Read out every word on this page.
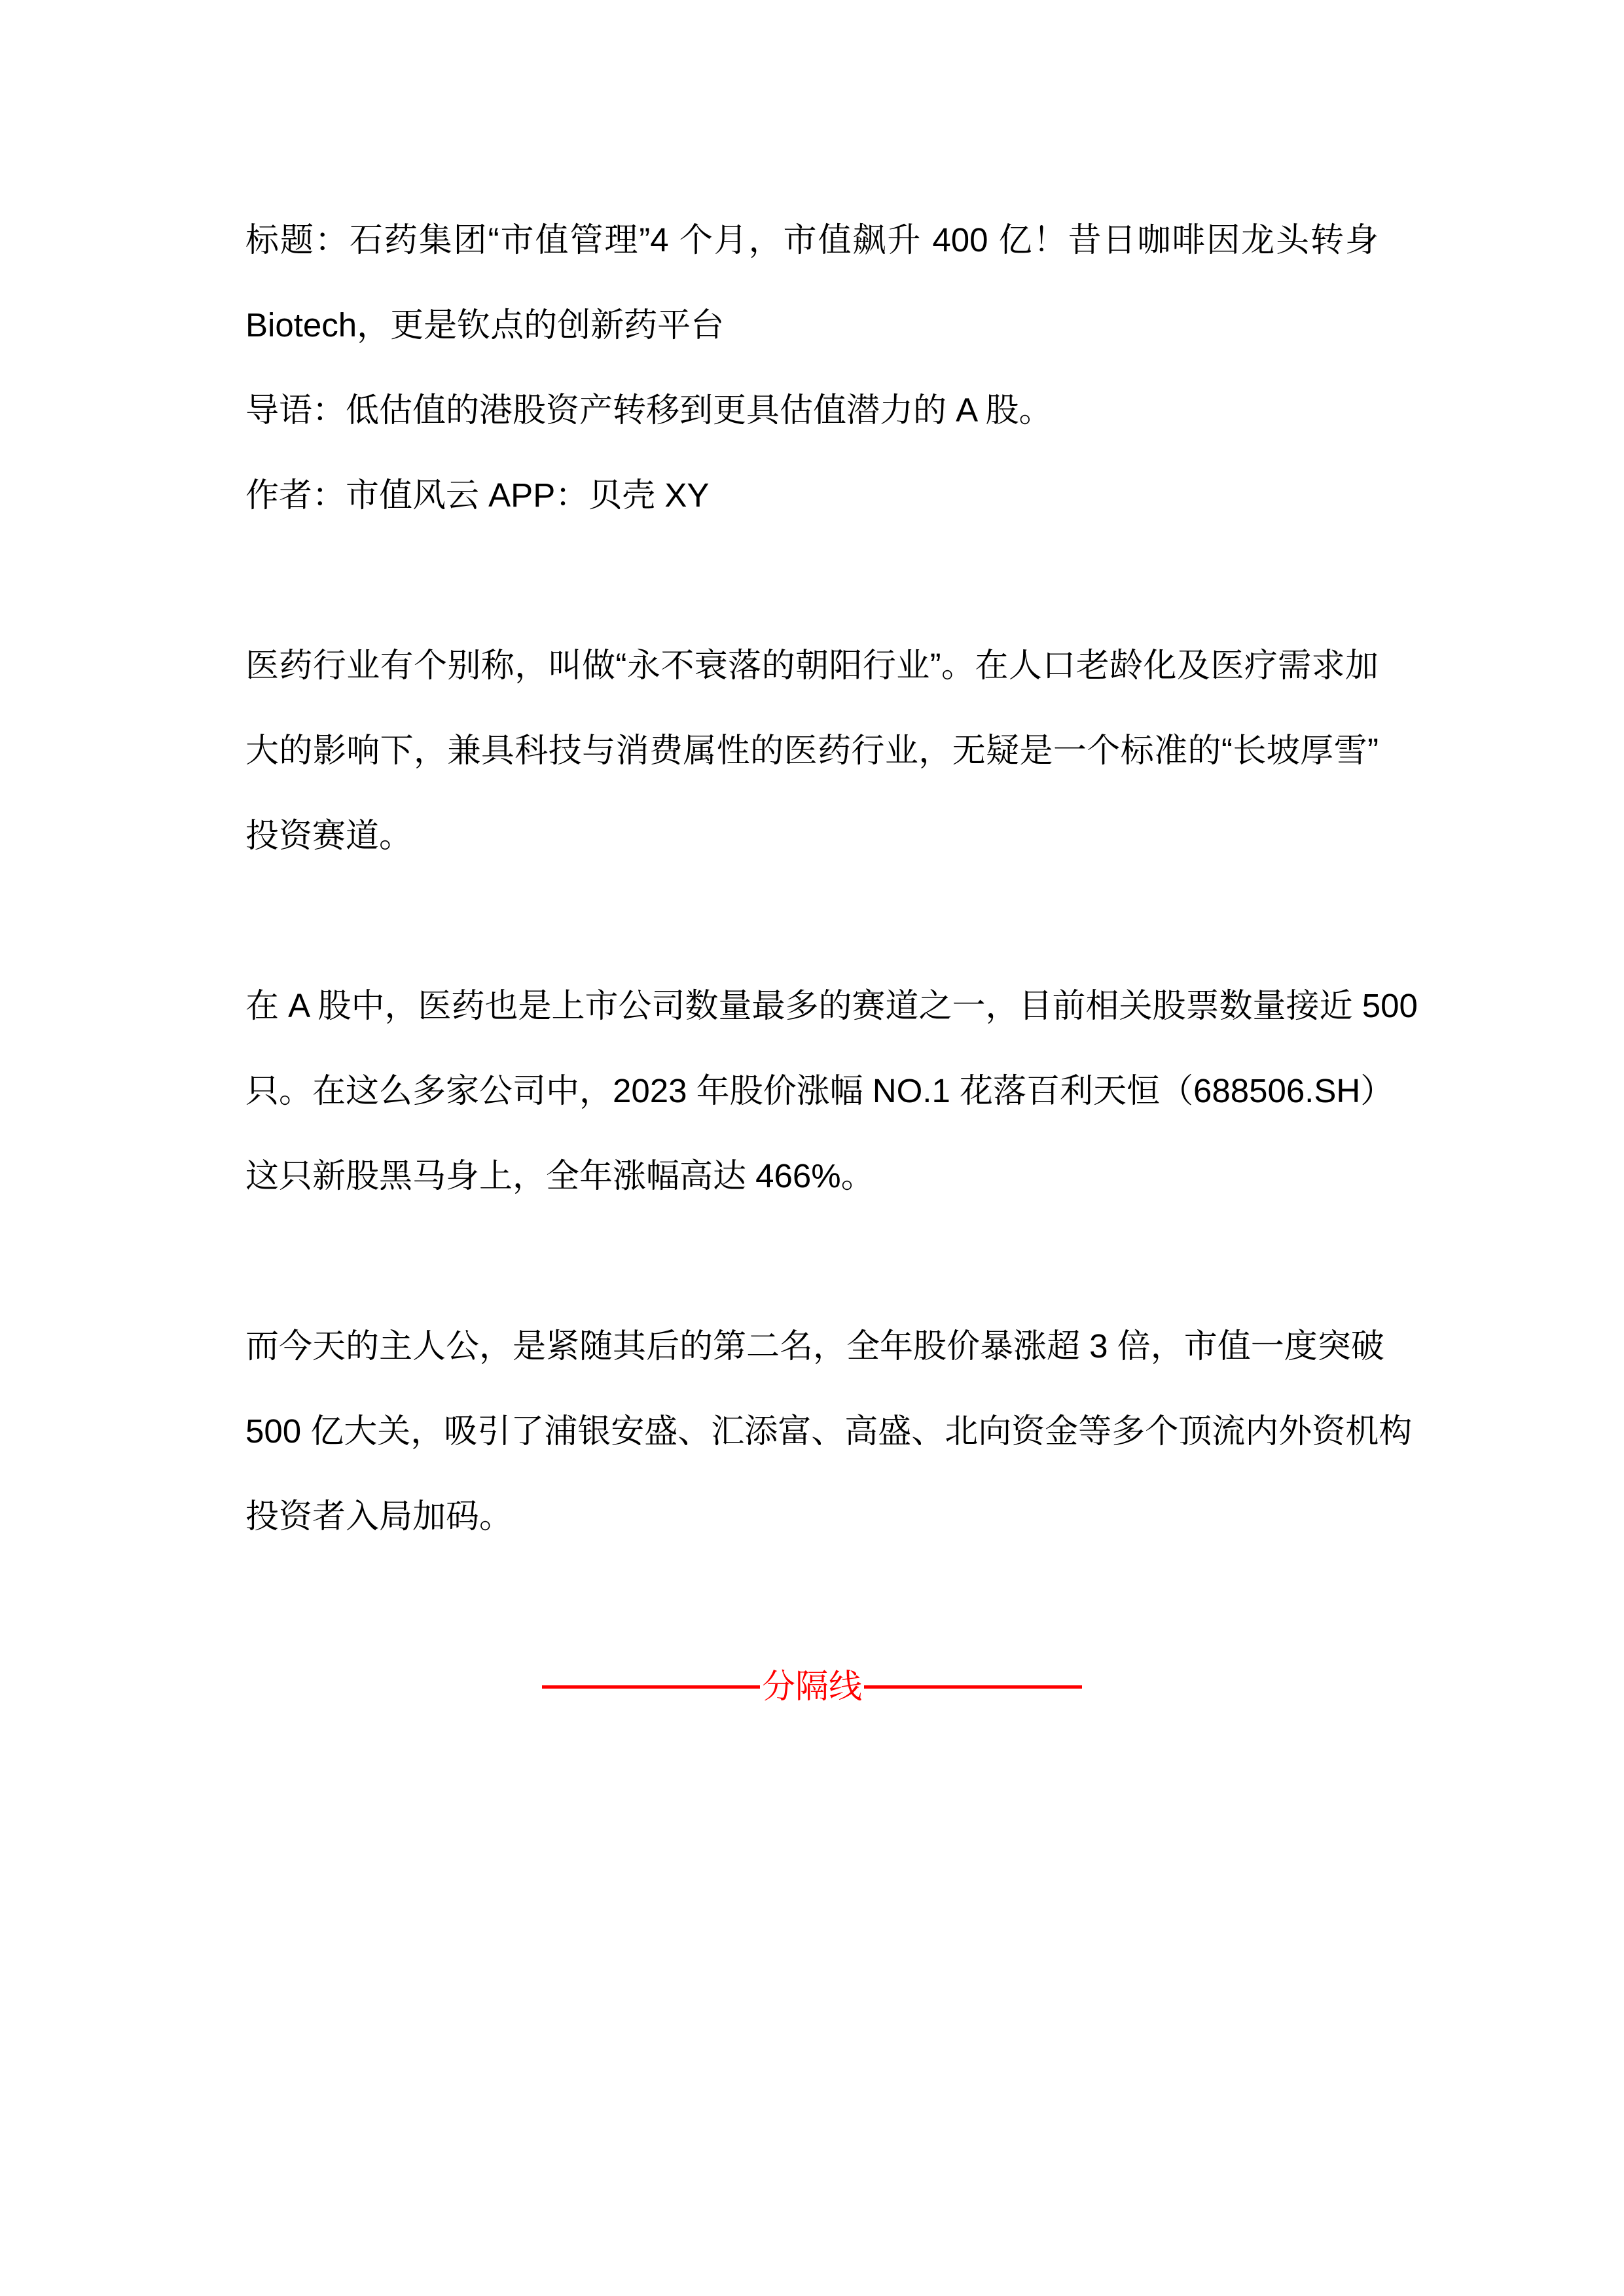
标题：石药集团“市值管理”4 个月，市值飙升 400 亿！昔日咖啡因龙头转身
Biotech，更是钦点的创新药平台
导语：低估值的港股资产转移到更具估值潜力的 A 股。
作者：市值风云 APP：贝壳 XY
医药行业有个别称，叫做“永不衰落的朝阳行业”。在人口老龄化及医疗需求加
大的影响下，兼具科技与消费属性的医药行业，无疑是一个标准的“长坡厚雪”
投资赛道。
在 A 股中，医药也是上市公司数量最多的赛道之一，目前相关股票数量接近 500
只。在这么多家公司中，2023 年股价涨幅 NO.1 花落百利天恒（688506.SH）
这只新股黑马身上，全年涨幅高达 466%。
而今天的主人公，是紧随其后的第二名，全年股价暴涨超 3 倍，市值一度突破
500 亿大关，吸引了浦银安盛、汇添富、高盛、北向资金等多个顶流内外资机构
投资者入局加码。
分隔线
